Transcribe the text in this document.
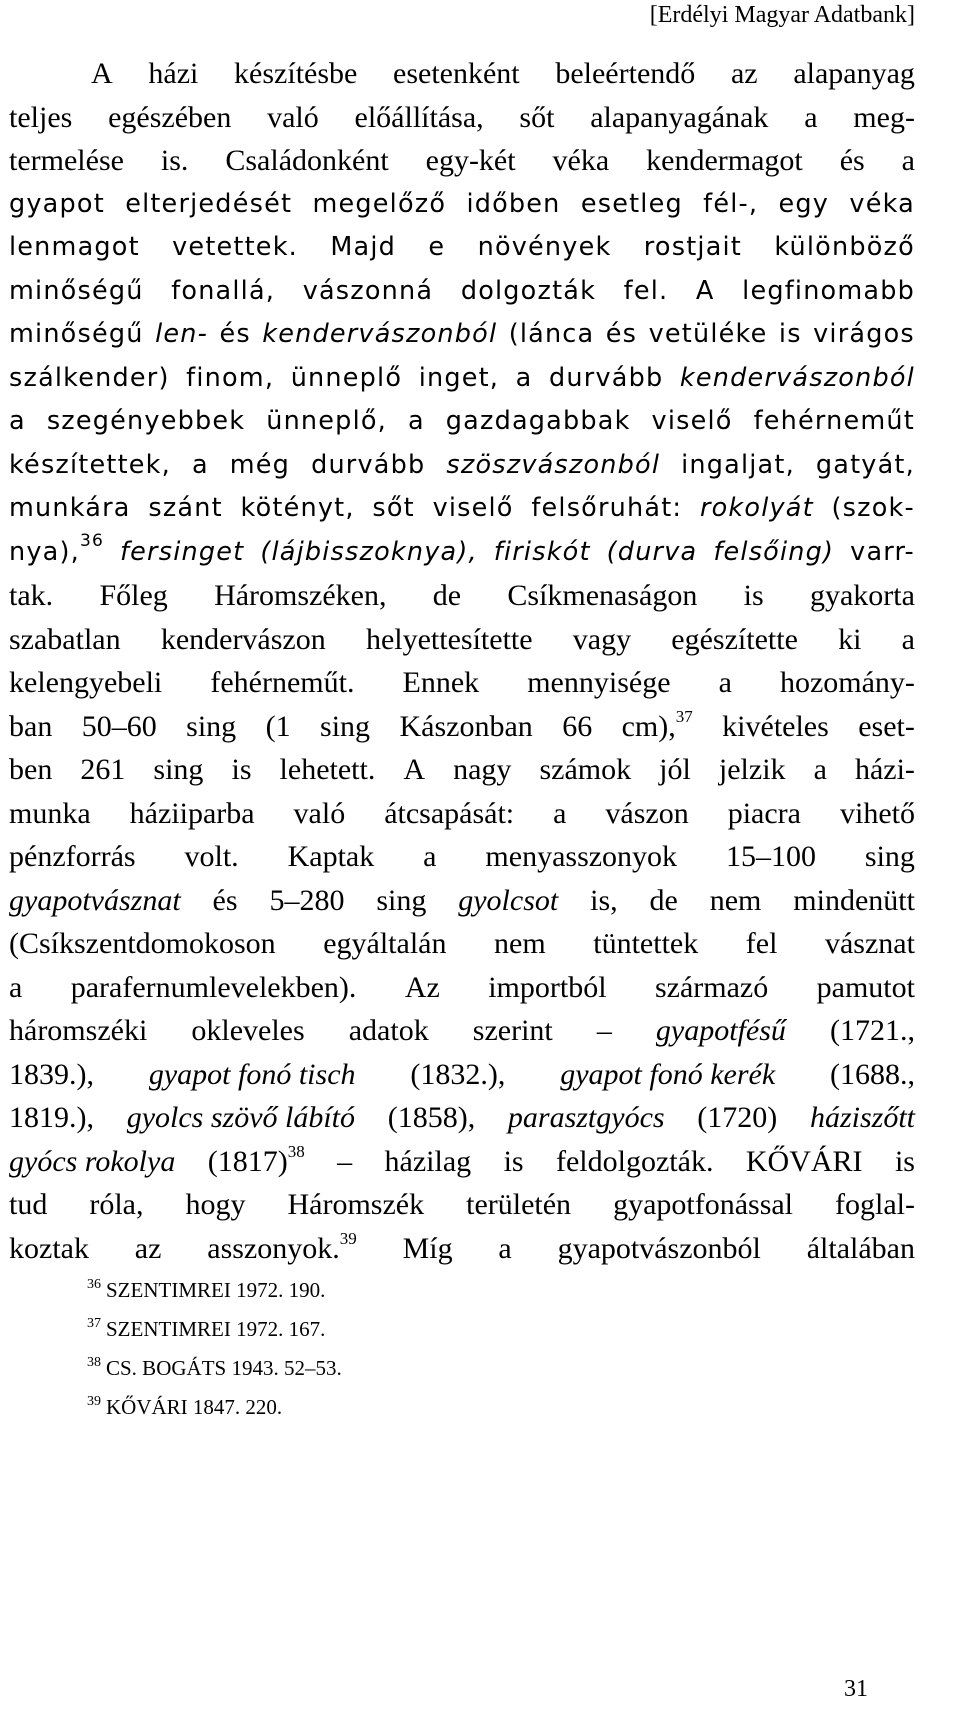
[Erdélyi Magyar Adatbank]
A házi készítésbe esetenként beleértendő az alapanyag
teljes egészében való előállítása, sőt alapanyagának a meg-
termelése is. Családonként egy-két véka kendermagot és a
gyapot elterjedését megelőző időben esetleg fél-, egy véka
lenmagot vetettek. Majd e növények rostjait különböző
minőségű fonallá, vászonná dolgozták fel. A legfinomabb
minőségű len- és kendervászonból (lánca és vetüléke is virágos
szálkender) finom, ünneplő inget, a durvább kendervászonból
a szegényebbek ünneplő, a gazdagabbak viselő fehérneműt
készítettek, a még durvább szöszvászonból ingaljat, gatyát,
munkára szánt kötényt, sőt viselő felsőruhát: rokolyát (szok-
nya),$^{36}$ fersinget (lájbisszoknya), firiskót (durva felsőing) varr-
tak. Főleg Háromszéken, de Csíkmenaságon is gyakorta
szabatlan kendervászon helyettesítette vagy egészítette ki a
kelengyebeli fehérneműt. Ennek mennyisége a hozomány-
ban 50–60 sing (1 sing Kászonban 66 cm),$^{37}$ kivételes eset-
ben 261 sing is lehetett. A nagy számok jól jelzik a házi-
munka háziiparba való átcsapását: a vászon piacra vihető
pénzforrás volt. Kaptak a menyasszonyok 15–100 sing
gyapotvásznat és 5–280 sing gyolcsot is, de nem mindenütt
(Csíkszentdomokoson egyáltalán nem tüntettek fel vásznat
a parafernumlevelekben). Az importból származó pamutot
háromszéki okleveles adatok szerint – gyapotfésű (1721.,
1839.), gyapot fonó tisch (1832.), gyapot fonó kerék (1688.,
1819.), gyolcs szövő lábító (1858), parasztgyócs (1720) háziszőtt
gyócs rokolya $(1817)^{38}$ – házilag is feldolgozták. KŐVÁRI is
tud róla, hogy Háromszék területén gyapotfonással foglal-
koztak az asszonyok.$^{39}$ Míg a gyapotvászonból általában
$^{36}$ SZENTIMREI 1972. 190.
$^{37}$ SZENTIMREI 1972. 167.
$^{38}$ CS. BOGÁTS 1943. 52–53.
$^{39}$ KŐVÁRI 1847. 220.
31
